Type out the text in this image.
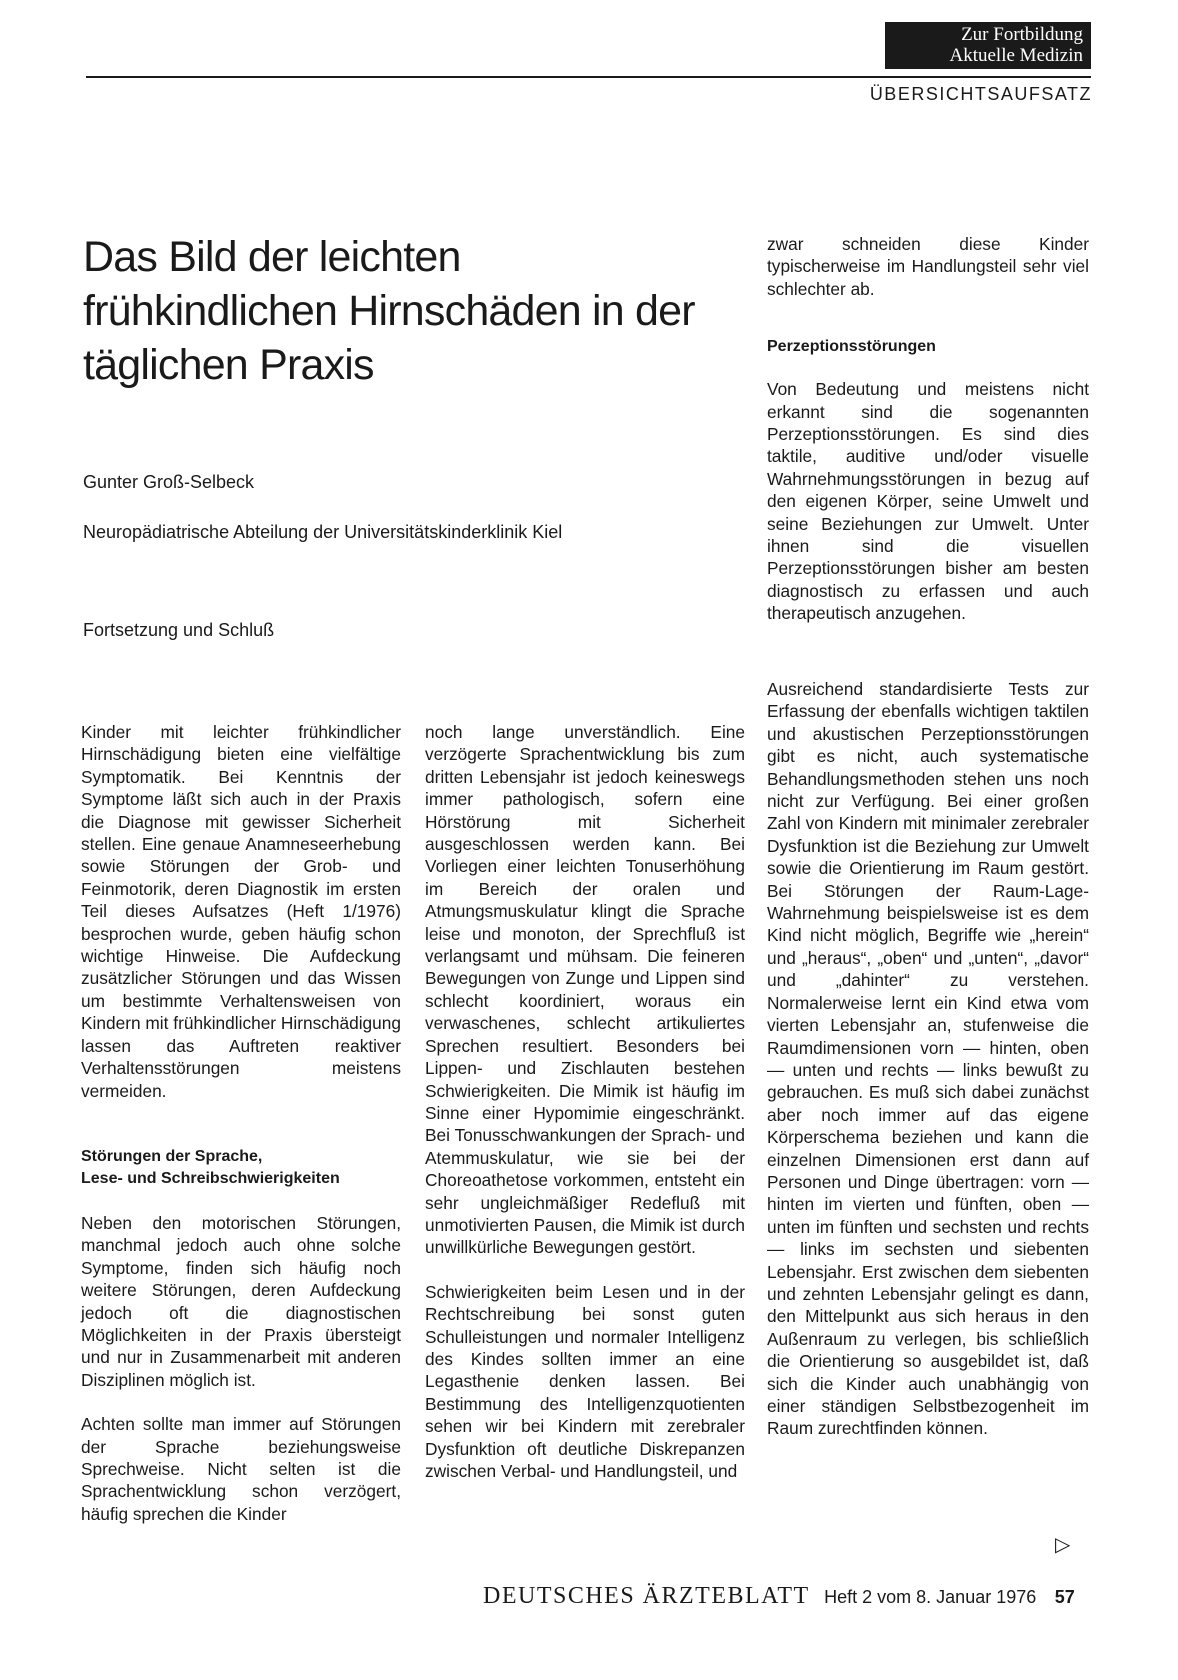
Zur Fortbildung
Aktuelle Medizin
ÜBERSICHTSAUFSATZ
Das Bild der leichten frühkindlichen Hirnschäden in der täglichen Praxis
Gunter Groß-Selbeck
Neuropädiatrische Abteilung der Universitätskinderklinik Kiel
Fortsetzung und Schluß

Kinder mit leichter frühkindlicher Hirnschädigung bieten eine vielfältige Symptomatik. Bei Kenntnis der Symptome läßt sich auch in der Praxis die Diagnose mit gewisser Sicherheit stellen. Eine genaue Anamneseerhebung sowie Störungen der Grob- und Feinmotorik, deren Diagnostik im ersten Teil dieses Aufsatzes (Heft 1/1976) besprochen wurde, geben häufig schon wichtige Hinweise. Die Aufdeckung zusätzlicher Störungen und das Wissen um bestimmte Verhaltensweisen von Kindern mit frühkindlicher Hirnschädigung lassen das Auftreten reaktiver Verhaltensstörungen meistens vermeiden.

Störungen der Sprache,
Lese- und Schreibschwierigkeiten

Neben den motorischen Störungen, manchmal jedoch auch ohne solche Symptome, finden sich häufig noch weitere Störungen, deren Aufdeckung jedoch oft die diagnostischen Möglichkeiten in der Praxis übersteigt und nur in Zusammenarbeit mit anderen Disziplinen möglich ist.

Achten sollte man immer auf Störungen der Sprache beziehungsweise Sprechweise. Nicht selten ist die Sprachentwicklung schon verzögert, häufig sprechen die Kinder

noch lange unverständlich. Eine verzögerte Sprachentwicklung bis zum dritten Lebensjahr ist jedoch keineswegs immer pathologisch, sofern eine Hörstörung mit Sicherheit ausgeschlossen werden kann. Bei Vorliegen einer leichten Tonuserhöhung im Bereich der oralen und Atmungsmuskulatur klingt die Sprache leise und monoton, der Sprechfluß ist verlangsamt und mühsam. Die feineren Bewegungen von Zunge und Lippen sind schlecht koordiniert, woraus ein verwaschenes, schlecht artikuliertes Sprechen resultiert. Besonders bei Lippen- und Zischlauten bestehen Schwierigkeiten. Die Mimik ist häufig im Sinne einer Hypomimie eingeschränkt. Bei Tonusschwankungen der Sprach- und Atemmuskulatur, wie sie bei der Choreoathetose vorkommen, entsteht ein sehr ungleichmäßiger Redefluß mit unmotivierten Pausen, die Mimik ist durch unwillkürliche Bewegungen gestört.

Schwierigkeiten beim Lesen und in der Rechtschreibung bei sonst guten Schulleistungen und normaler Intelligenz des Kindes sollten immer an eine Legasthenie denken lassen. Bei Bestimmung des Intelligenzquotienten sehen wir bei Kindern mit zerebraler Dysfunktion oft deutliche Diskrepanzen zwischen Verbal- und Handlungsteil, und

zwar schneiden diese Kinder typischerweise im Handlungsteil sehr viel schlechter ab.

Perzeptionsstörungen

Von Bedeutung und meistens nicht erkannt sind die sogenannten Perzeptionsstörungen. Es sind dies taktile, auditive und/oder visuelle Wahrnehmungsstörungen in bezug auf den eigenen Körper, seine Umwelt und seine Beziehungen zur Umwelt. Unter ihnen sind die visuellen Perzeptionsstörungen bisher am besten diagnostisch zu erfassen und auch therapeutisch anzugehen.

Ausreichend standardisierte Tests zur Erfassung der ebenfalls wichtigen taktilen und akustischen Perzeptionsstörungen gibt es nicht, auch systematische Behandlungsmethoden stehen uns noch nicht zur Verfügung. Bei einer großen Zahl von Kindern mit minimaler zerebraler Dysfunktion ist die Beziehung zur Umwelt sowie die Orientierung im Raum gestört. Bei Störungen der Raum-Lage-Wahrnehmung beispielsweise ist es dem Kind nicht möglich, Begriffe wie „herein“ und „heraus“, „oben“ und „unten“, „davor“ und „dahinter“ zu verstehen. Normalerweise lernt ein Kind etwa vom vierten Lebensjahr an, stufenweise die Raumdimensionen vorn — hinten, oben — unten und rechts — links bewußt zu gebrauchen. Es muß sich dabei zunächst aber noch immer auf das eigene Körperschema beziehen und kann die einzelnen Dimensionen erst dann auf Personen und Dinge übertragen: vorn — hinten im vierten und fünften, oben — unten im fünften und sechsten und rechts — links im sechsten und siebenten Lebensjahr. Erst zwischen dem siebenten und zehnten Lebensjahr gelingt es dann, den Mittelpunkt aus sich heraus in den Außenraum zu verlegen, bis schließlich die Orientierung so ausgebildet ist, daß sich die Kinder auch unabhängig von einer ständigen Selbstbezogenheit im Raum zurechtfinden können.

▷
DEUTSCHES ÄRZTEBLATT Heft 2 vom 8. Januar 1976 57
